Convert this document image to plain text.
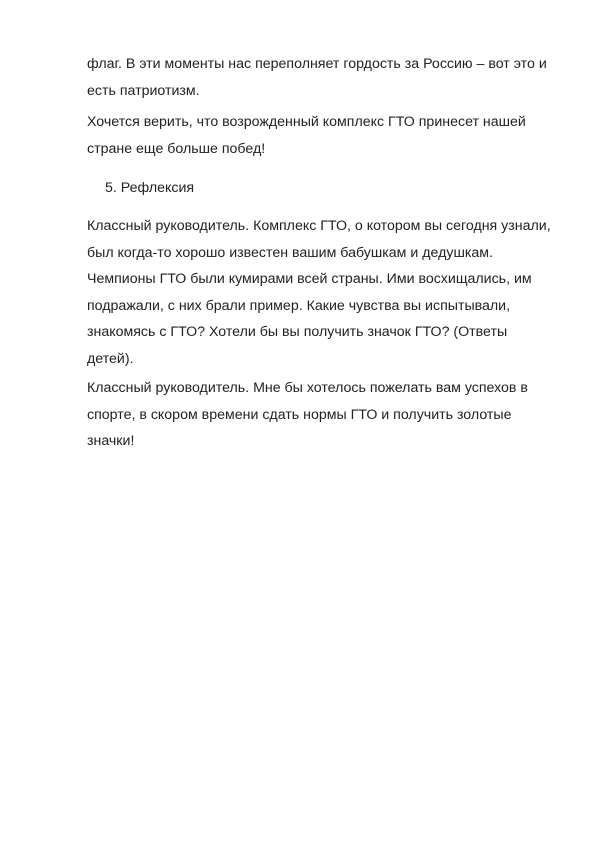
флаг. В эти моменты нас переполняет гордость за Россию – вот это и
есть патриотизм.

Хочется верить, что возрожденный комплекс ГТО принесет нашей
стране еще больше побед!

5. Рефлексия

Классный руководитель. Комплекс ГТО, о котором вы сегодня узнали,
был когда-то хорошо известен вашим бабушкам и дедушкам.
Чемпионы ГТО были кумирами всей страны. Ими восхищались, им
подражали, с них брали пример. Какие чувства вы испытывали,
знакомясь с ГТО? Хотели бы вы получить значок ГТО? (Ответы
детей).

Классный руководитель. Мне бы хотелось пожелать вам успехов в
спорте, в скором времени сдать нормы ГТО и получить золотые
значки!
